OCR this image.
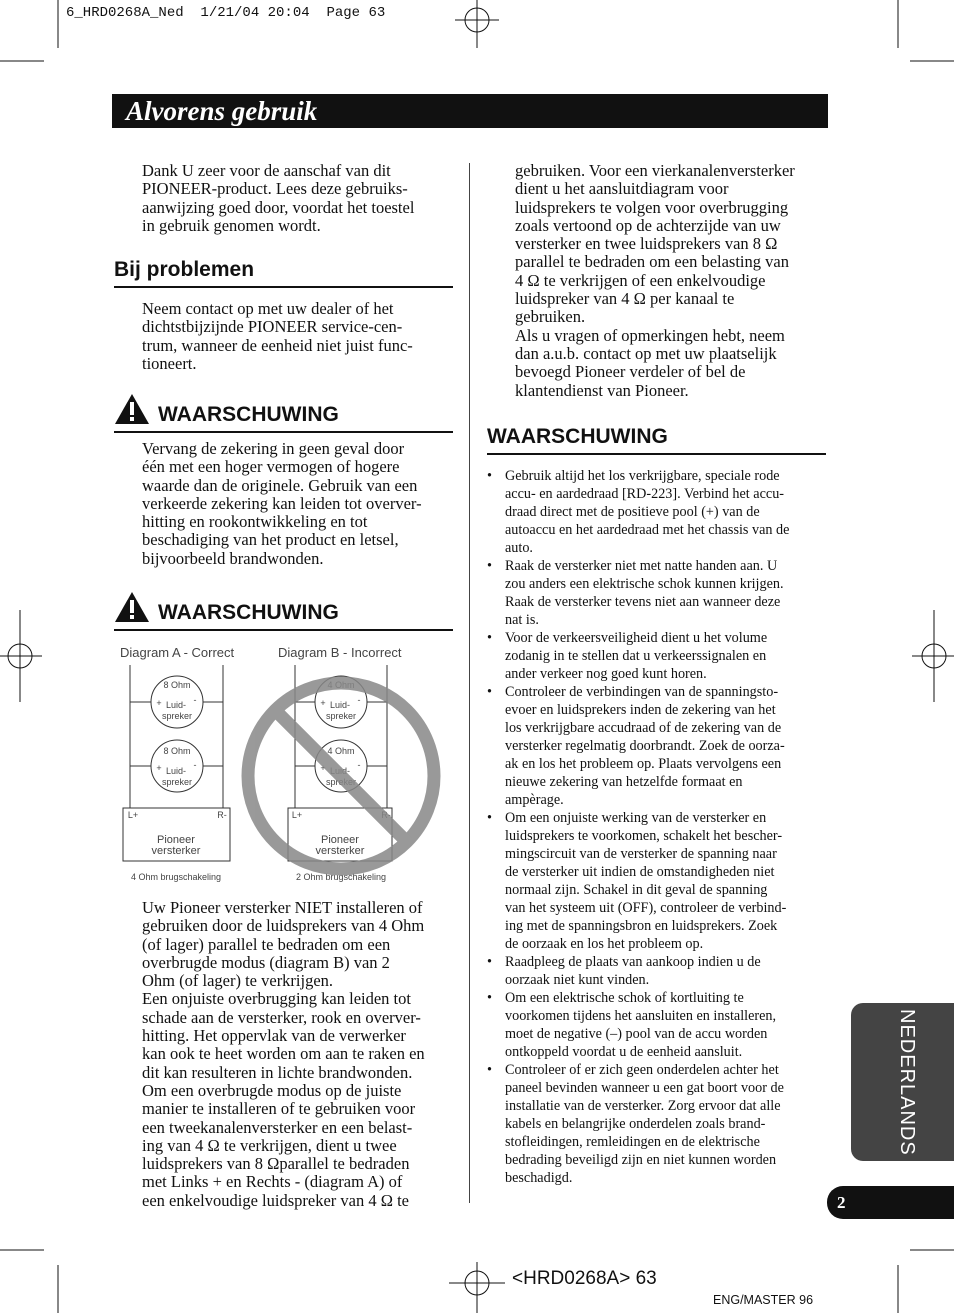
6_HRD0268A_Ned  1/21/04 20:04  Page 63
Alvorens gebruik
Dank U zeer voor de aanschaf van dit
PIONEER-product. Lees deze gebruiks-
aanwijzing goed door, voordat het toestel
in gebruik genomen wordt.
Bij problemen
Neem contact op met uw dealer of het
dichtstbijzijnde PIONEER service-cen-
trum, wanneer de eenheid niet juist func-
tioneert.
WAARSCHUWING
Vervang de zekering in geen geval door
één met een hoger vermogen of hogere
waarde dan de originele. Gebruik van een
verkeerde zekering kan leiden tot overver-
hitting en rookontwikkeling en tot
beschadiging van het product en letsel,
bijvoorbeeld brandwonden.
WAARSCHUWING
Diagram A - Correct	Diagram B - Incorrect
8 Ohm
Luid-
spreker
+	-
8 Ohm
Luid-
spreker
+	-
L+	R-
Pioneer
versterker
4 Ohm brugschakeling
4 Ohm
Luid-
spreker
+	-
4 Ohm
Luid-
spreker
+	-
L+	R-
Pioneer
versterker
2 Ohm brugschakeling
Uw Pioneer versterker NIET installeren of
gebruiken door de luidsprekers van 4 Ohm
(of lager) parallel te bedraden om een
overbrugde modus (diagram B) van 2
Ohm (of lager) te verkrijgen.
Een onjuiste overbrugging kan leiden tot
schade aan de versterker, rook en overver-
hitting. Het oppervlak van de verwerker
kan ook te heet worden om aan te raken en
dit kan resulteren in lichte brandwonden.
Om een overbrugde modus op de juiste
manier te installeren of te gebruiken voor
een tweekanalenversterker en een belast-
ing van 4 Ω te verkrijgen, dient u twee
luidsprekers van 8 Ωparallel te bedraden
met Links + en Rechts - (diagram A) of
een enkelvoudige luidspreker van 4 Ω te
gebruiken. Voor een vierkanalenversterker
dient u het aansluitdiagram voor
luidsprekers te volgen voor overbrugging
zoals vertoond op de achterzijde van uw
versterker en twee luidsprekers van 8 Ω
parallel te bedraden om een belasting van
4 Ω te verkrijgen of een enkelvoudige
luidspreker van 4 Ω per kanaal te
gebruiken.
Als u vragen of opmerkingen hebt, neem
dan a.u.b. contact op met uw plaatselijk
bevoegd Pioneer verdeler of bel de
klantendienst van Pioneer.
WAARSCHUWING
• Gebruik altijd het los verkrijgbare, speciale rode
accu- en aardedraad [RD-223]. Verbind het accu-
draad direct met de positieve pool (+) van de
autoaccu en het aardedraad met het chassis van de
auto.
• Raak de versterker niet met natte handen aan. U
zou anders een elektrische schok kunnen krijgen.
Raak de versterker tevens niet aan wanneer deze
nat is.
• Voor de verkeersveiligheid dient u het volume
zodanig in te stellen dat u verkeerssignalen en
ander verkeer nog goed kunt horen.
• Controleer de verbindingen van de spanningsto-
evoer en luidsprekers inden de zekering van het
los verkrijgbare accudraad of de zekering van de
versterker regelmatig doorbrandt. Zoek de oorza-
ak en los het probleem op. Plaats vervolgens een
nieuwe zekering van hetzelfde formaat en
ampèrage.
• Om een onjuiste werking van de versterker en
luidsprekers te voorkomen, schakelt het bescher-
mingscircuit van de versterker de spanning naar
de versterker uit indien de omstandigheden niet
normaal zijn. Schakel in dit geval de spanning
van het systeem uit (OFF), controleer de verbind-
ing met de spanningsbron en luidsprekers. Zoek
de oorzaak en los het probleem op.
• Raadpleeg de plaats van aankoop indien u de
oorzaak niet kunt vinden.
• Om een elektrische schok of kortluiting te
voorkomen tijdens het aansluiten en installeren,
moet de negative (–) pool van de accu worden
ontkoppeld voordat u de eenheid aansluit.
• Controleer of er zich geen onderdelen achter het
paneel bevinden wanneer u een gat boort voor de
installatie van de versterker. Zorg ervoor dat alle
kabels en belangrijke onderdelen zoals brand-
stofleidingen, remleidingen en de elektrische
bedrading beveiligd zijn en niet kunnen worden
beschadigd.
NEDERLANDS
2
<HRD0268A> 63
ENG/MASTER 96
